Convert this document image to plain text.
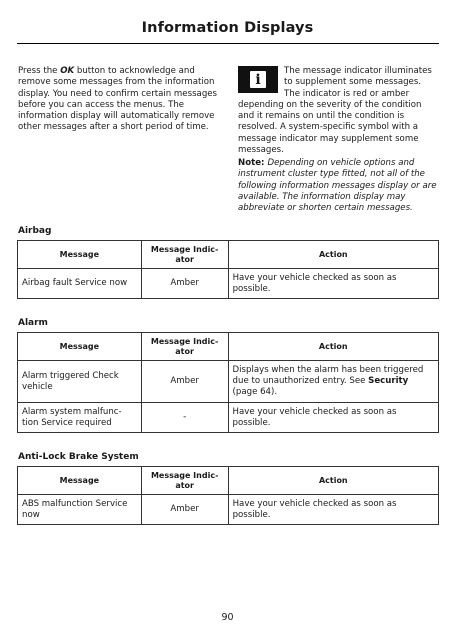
Information Displays

Press the OK button to acknowledge and remove some messages from the information display. You need to confirm certain messages before you can access the menus. The information display will automatically remove other messages after a short period of time.

i

The message indicator illuminates to supplement some messages. The indicator is red or amber depending on the severity of the condition and it remains on until the condition is resolved. A system-specific symbol with a message indicator may supplement some messages.

Note: Depending on vehicle options and instrument cluster type fitted, not all of the following information messages display or are available. The information display may abbreviate or shorten certain messages.

Airbag
Message	Message Indic-ator	Action
Airbag fault Service now	Amber	Have your vehicle checked as soon as possible.
Alarm
Message	Message Indic-ator	Action
Alarm triggered Check vehicle	Amber	Displays when the alarm has been triggered due to unauthorized entry. See Security (page 64).
Alarm system malfunc-tion Service required	-	Have your vehicle checked as soon as possible.
Anti-Lock Brake System
Message	Message Indic-ator	Action
ABS malfunction Service now	Amber	Have your vehicle checked as soon as possible.
90
